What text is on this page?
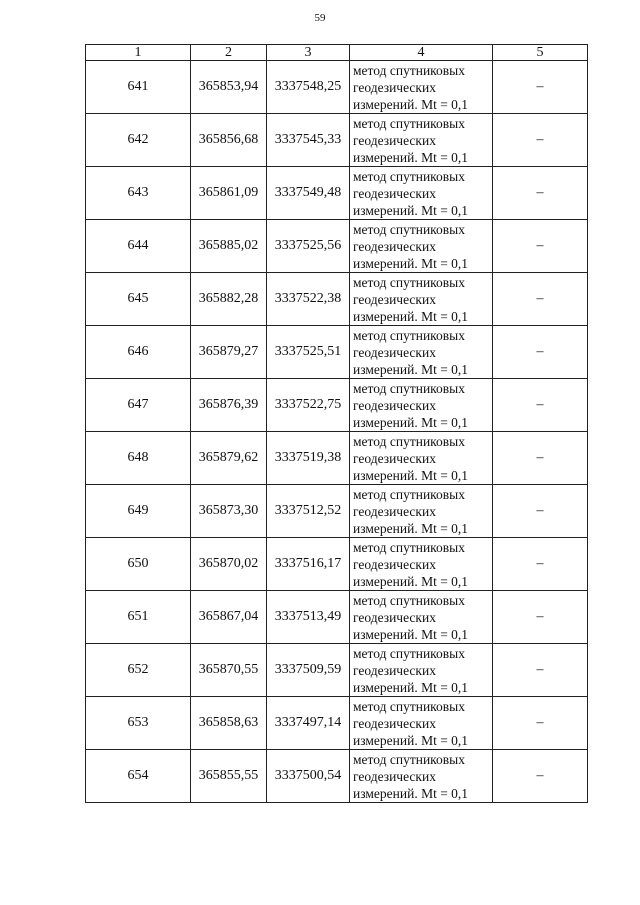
59
1	2	3	4	5
641	365853,94	3337548,25	метод спутниковых
геодезических
измерений. Mt = 0,1	–
642	365856,68	3337545,33	метод спутниковых
геодезических
измерений. Mt = 0,1	–
643	365861,09	3337549,48	метод спутниковых
геодезических
измерений. Mt = 0,1	–
644	365885,02	3337525,56	метод спутниковых
геодезических
измерений. Mt = 0,1	–
645	365882,28	3337522,38	метод спутниковых
геодезических
измерений. Mt = 0,1	–
646	365879,27	3337525,51	метод спутниковых
геодезических
измерений. Mt = 0,1	–
647	365876,39	3337522,75	метод спутниковых
геодезических
измерений. Mt = 0,1	–
648	365879,62	3337519,38	метод спутниковых
геодезических
измерений. Mt = 0,1	–
649	365873,30	3337512,52	метод спутниковых
геодезических
измерений. Mt = 0,1	–
650	365870,02	3337516,17	метод спутниковых
геодезических
измерений. Mt = 0,1	–
651	365867,04	3337513,49	метод спутниковых
геодезических
измерений. Mt = 0,1	–
652	365870,55	3337509,59	метод спутниковых
геодезических
измерений. Mt = 0,1	–
653	365858,63	3337497,14	метод спутниковых
геодезических
измерений. Mt = 0,1	–
654	365855,55	3337500,54	метод спутниковых
геодезических
измерений. Mt = 0,1	–
